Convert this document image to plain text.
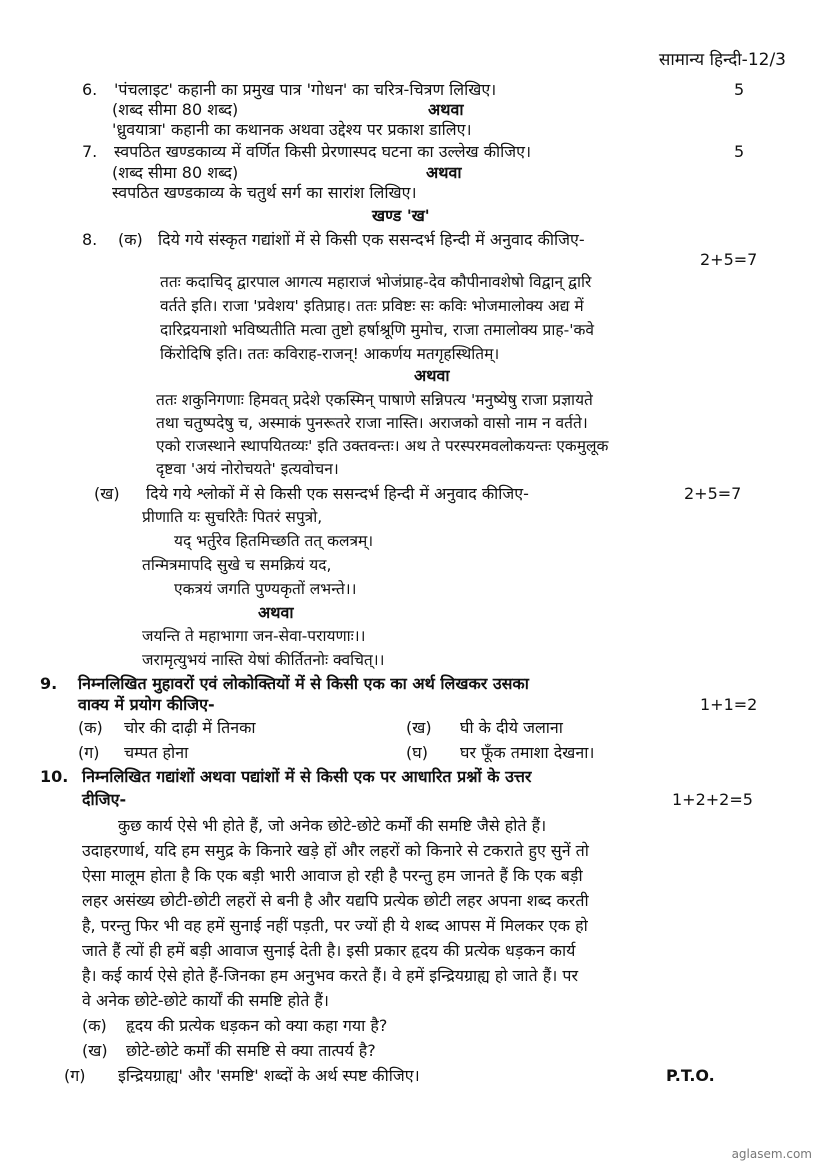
सामान्य हिन्दी-12/3
6. 'पंचलाइट' कहानी का प्रमुख पात्र 'गोधन' का चरित्र-चित्रण लिखिए।	5
(शब्द सीमा 80 शब्द)	अथवा
'ध्रुवयात्रा' कहानी का कथानक अथवा उद्देश्य पर प्रकाश डालिए।
7. स्वपठित खण्डकाव्य में वर्णित किसी प्रेरणास्पद घटना का उल्लेख कीजिए।	5
(शब्द सीमा 80 शब्द)	अथवा
स्वपठित खण्डकाव्य के चतुर्थ सर्ग का सारांश लिखिए।
खण्ड 'ख'
8. (क) दिये गये संस्कृत गद्यांशों में से किसी एक ससन्दर्भ हिन्दी में अनुवाद कीजिए-
2+5=7
ततः कदाचिद् द्वारपाल आगत्य महाराजं भोजंप्राह-देव कौपीनावशेषो विद्वान् द्वारि
वर्तते इति। राजा 'प्रवेशय' इतिप्राह। ततः प्रविष्टः सः कविः भोजमालोक्य अद्य में
दारिद्रयनाशो भविष्यतीति मत्वा तुष्टो हर्षाश्रूणि मुमोच, राजा तमालोक्य प्राह-'कवे
किंरोदिषि इति। ततः कविराह-राजन्! आकर्णय मतगृहस्थितिम्।
अथवा
ततः शकुनिगणाः हिमवत् प्रदेशे एकस्मिन् पाषाणे सन्निपत्य 'मनुष्येषु राजा प्रज्ञायते
तथा चतुष्पदेषु च, अस्माकं पुनरूतरे राजा नास्ति। अराजको वासो नाम न वर्तते।
एको राजस्थाने स्थापयितव्यः' इति उक्तवन्तः। अथ ते परस्परमवलोकयन्तः एकमुलूक
दृष्टवा 'अयं नोरोचयते' इत्यवोचन।
(ख) दिये गये श्लोकों में से किसी एक ससन्दर्भ हिन्दी में अनुवाद कीजिए-	2+5=7
प्रीणाति यः सुचरितैः पितरं सपुत्रो,
यद् भर्तुरेव हितमिच्छति तत् कलत्रम्।
तन्मित्रमापदि सुखे च समक्रियं यद,
एकत्रयं जगति पुण्यकृतों लभन्ते।।
अथवा
जयन्ति ते महाभागा जन-सेवा-परायणाः।।
जरामृत्युभयं नास्ति येषां कीर्तितनोः क्वचित्।।
9. निम्नलिखित मुहावरों एवं लोकोक्तियों में से किसी एक का अर्थ लिखकर उसका
वाक्य में प्रयोग कीजिए-	1+1=2
(क) चोर की दाढ़ी में तिनका	(ख) घी के दीये जलाना
(ग) चम्पत होना	(घ) घर फूँक तमाशा देखना।
10. निम्नलिखित गद्यांशों अथवा पद्यांशों में से किसी एक पर आधारित प्रश्नों के उत्तर
दीजिए-	1+2+2=5
कुछ कार्य ऐसे भी होते हैं, जो अनेक छोटे-छोटे कर्मों की समष्टि जैसे होते हैं।
उदाहरणार्थ, यदि हम समुद्र के किनारे खड़े हों और लहरों को किनारे से टकराते हुए सुनें तो
ऐसा मालूम होता है कि एक बड़ी भारी आवाज हो रही है परन्तु हम जानते हैं कि एक बड़ी
लहर असंख्य छोटी-छोटी लहरों से बनी है और यद्यपि प्रत्येक छोटी लहर अपना शब्द करती
है, परन्तु फिर भी वह हमें सुनाई नहीं पड़ती, पर ज्यों ही ये शब्द आपस में मिलकर एक हो
जाते हैं त्यों ही हमें बड़ी आवाज सुनाई देती है। इसी प्रकार हृदय की प्रत्येक धड़कन कार्य
है। कई कार्य ऐसे होते हैं-जिनका हम अनुभव करते हैं। वे हमें इन्द्रियग्राह्य हो जाते हैं। पर
वे अनेक छोटे-छोटे कार्यों की समष्टि होते हैं।
(क) हृदय की प्रत्येक धड़कन को क्या कहा गया है?
(ख) छोटे-छोटे कर्मों की समष्टि से क्या तात्पर्य है?
(ग) इन्द्रियग्राह्य' और 'समष्टि' शब्दों के अर्थ स्पष्ट कीजिए।	P.T.O.
aglasem.com
